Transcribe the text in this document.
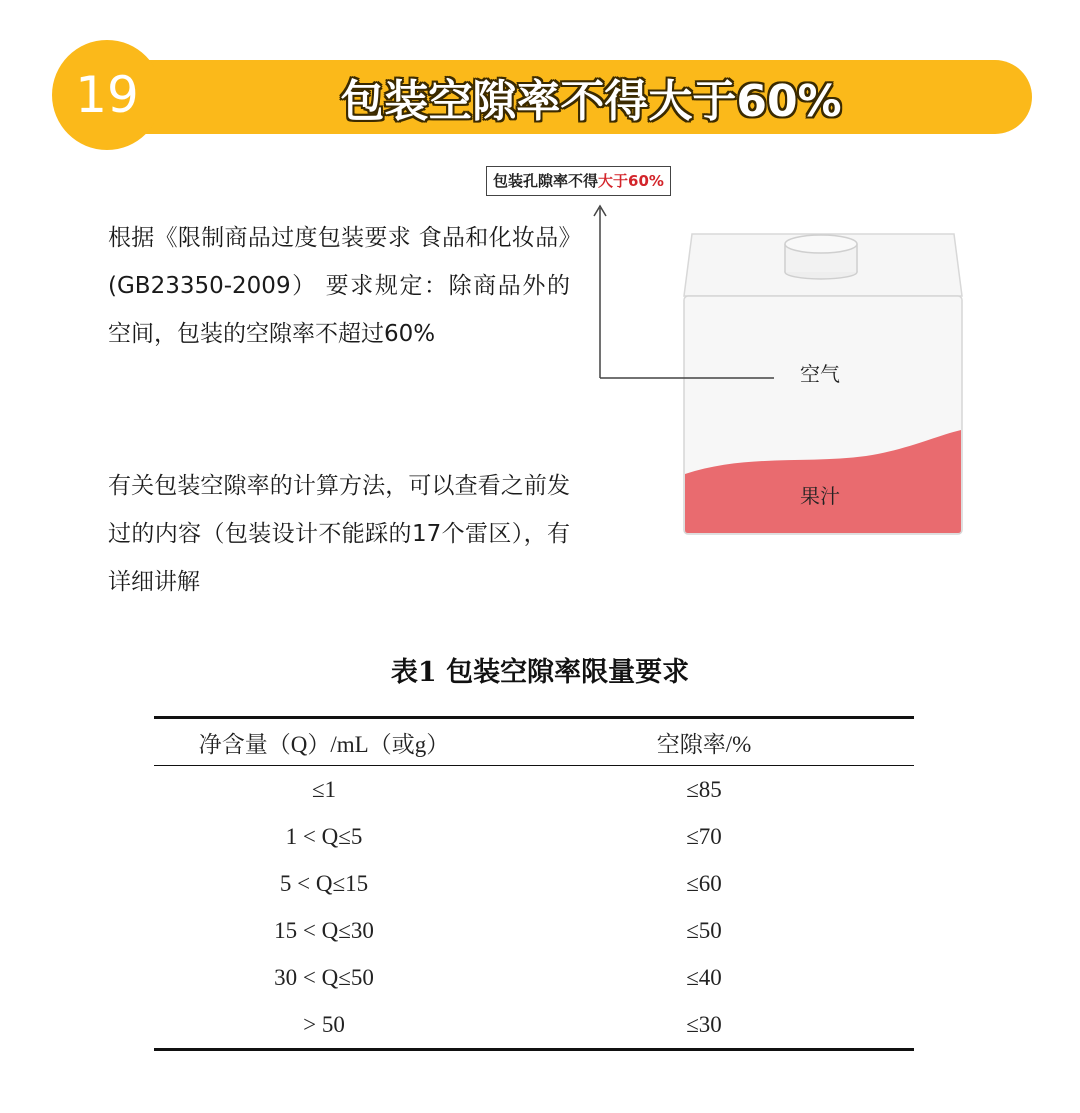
包装空隙率不得大于60%
19
根据《限制商品过度包装要求 食品和化妆品》(GB23350-2009） 要求规定：除商品外的空间，包装的空隙率不超过60%
有关包装空隙率的计算方法，可以查看之前发过的内容（包装设计不能踩的17个雷区），有详细讲解
包装孔隙率不得大于60%
空气
果汁
表1 包装空隙率限量要求
净含量（Q）/mL（或g）	空隙率/%
≤1	≤85
1 < Q≤5	≤70
5 < Q≤15	≤60
15 < Q≤30	≤50
30 < Q≤50	≤40
> 50	≤30
